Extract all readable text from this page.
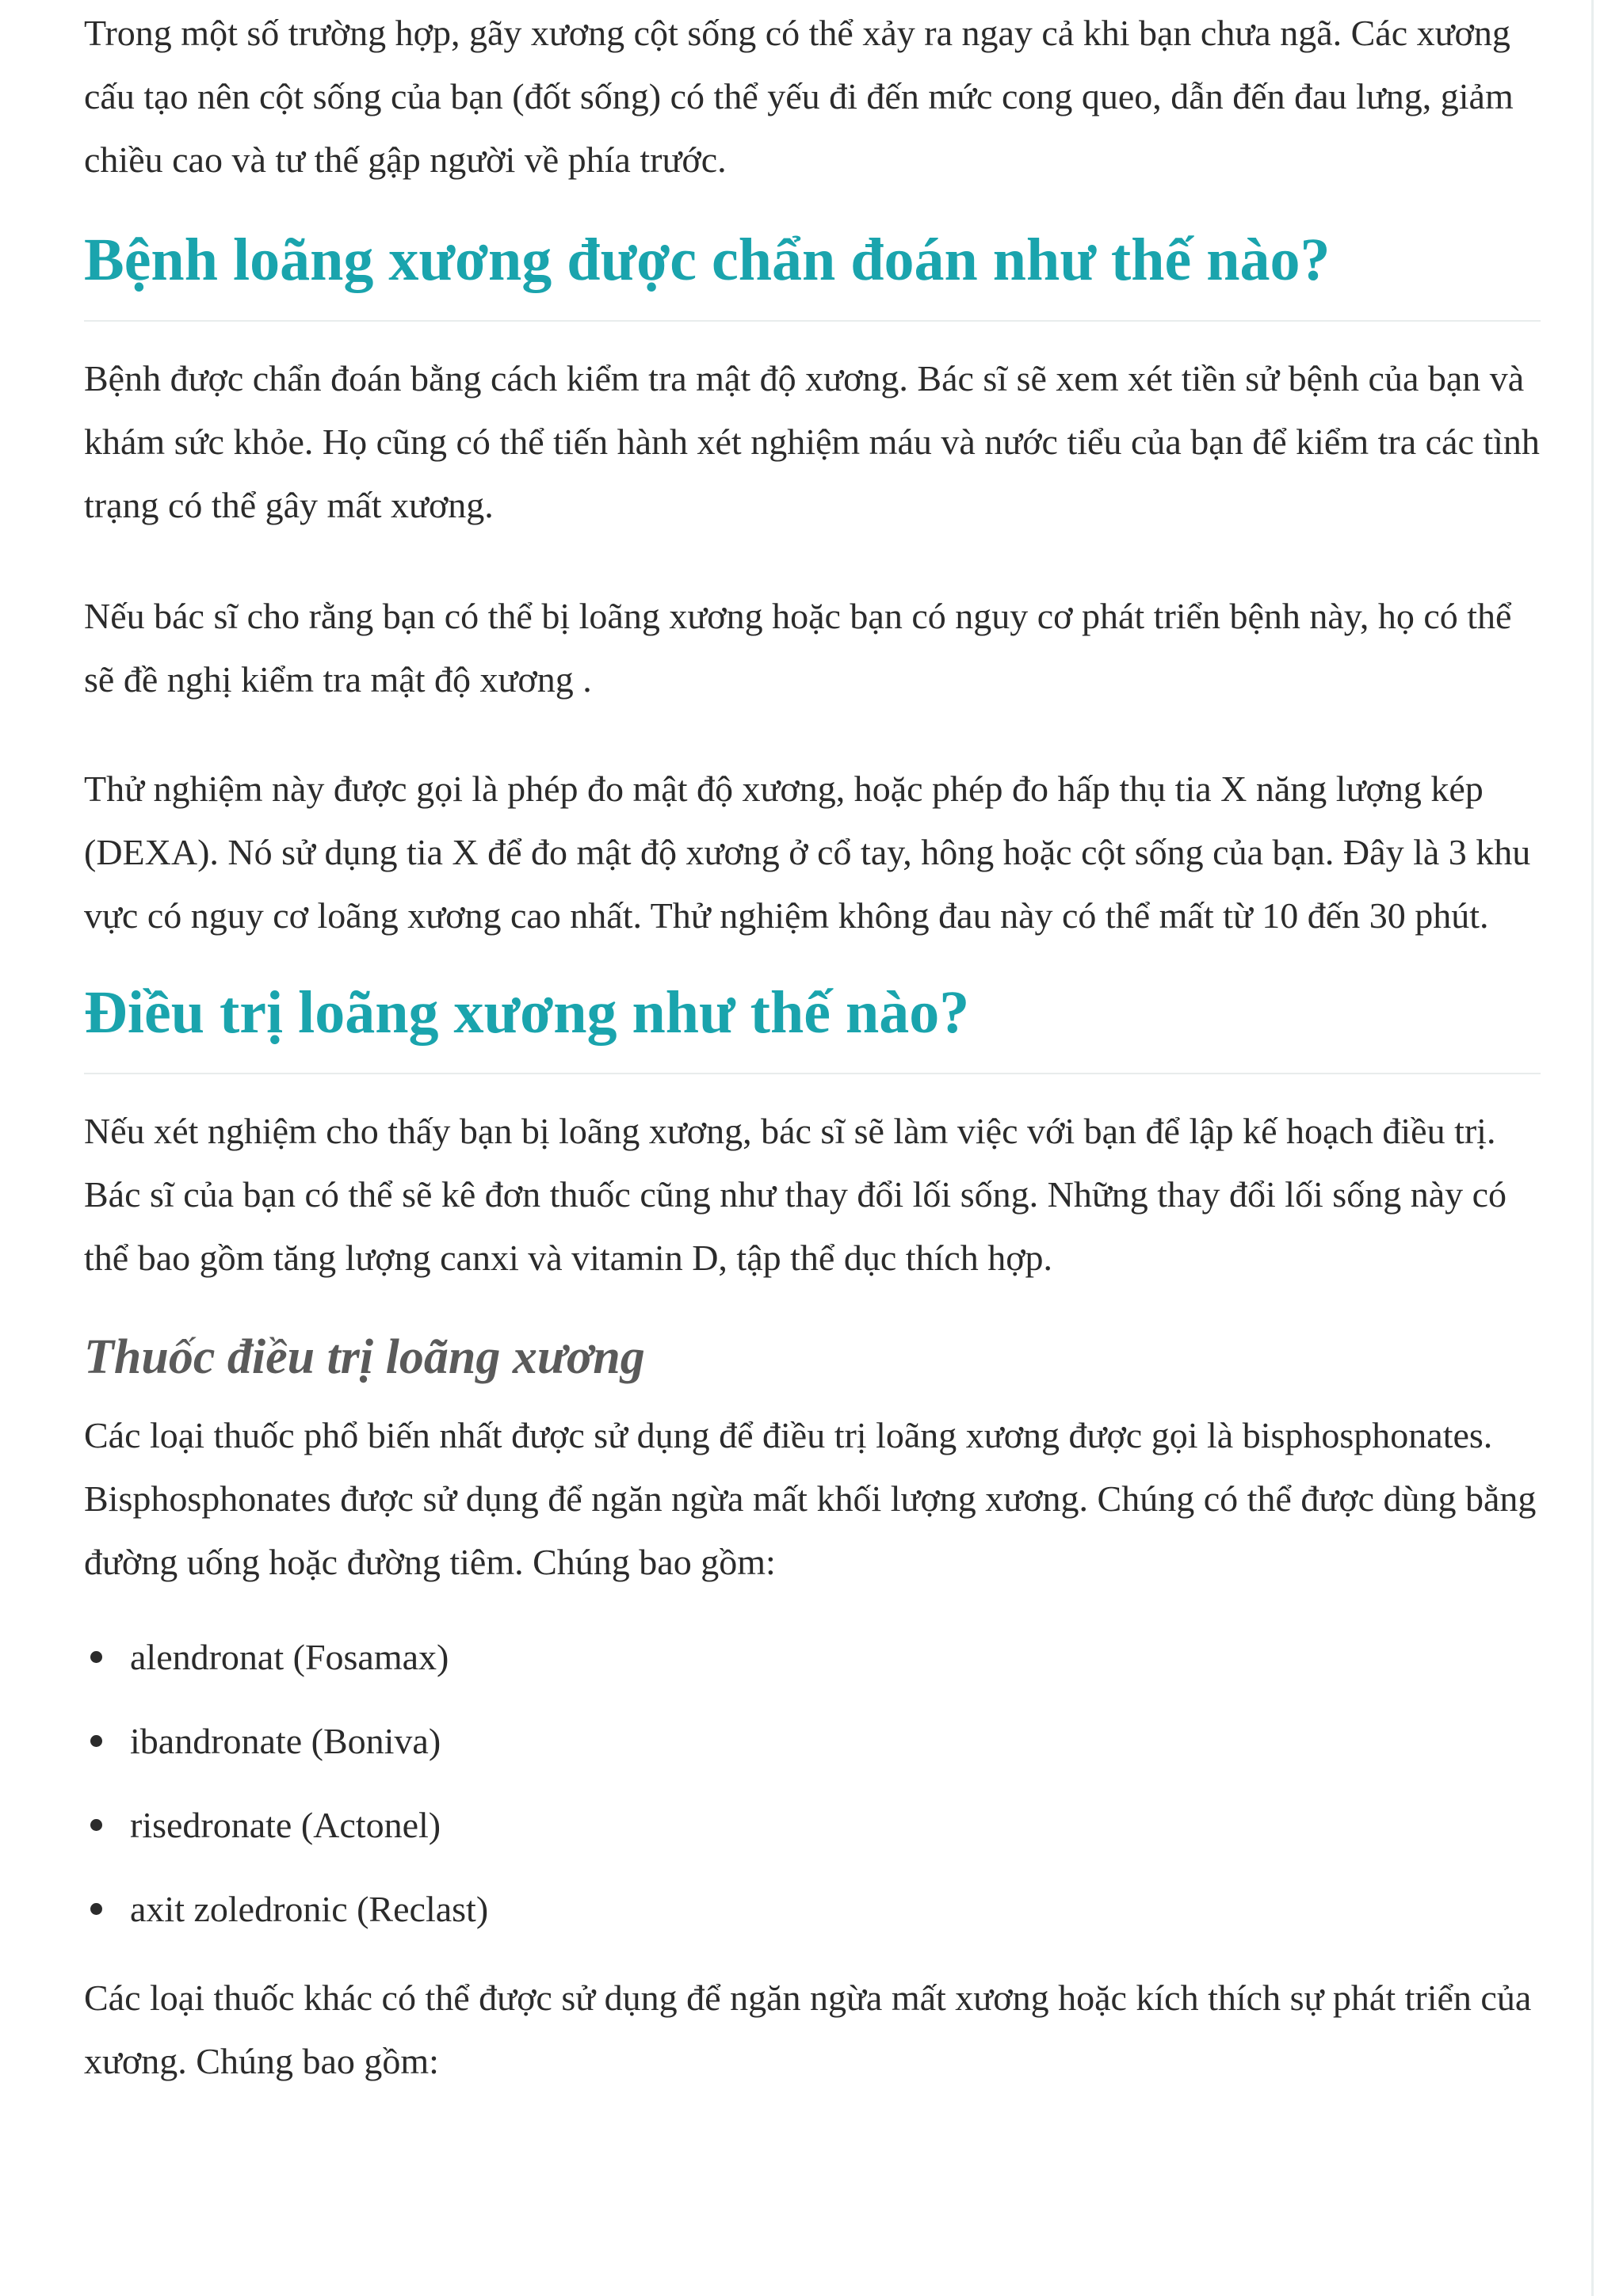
Trong một số trường hợp, gãy xương cột sống có thể xảy ra ngay cả khi bạn chưa ngã. Các xương cấu tạo nên cột sống của bạn (đốt sống) có thể yếu đi đến mức cong queo, dẫn đến đau lưng, giảm chiều cao và tư thế gập người về phía trước.

Bệnh loãng xương được chẩn đoán như thế nào?

Bệnh được chẩn đoán bằng cách kiểm tra mật độ xương. Bác sĩ sẽ xem xét tiền sử bệnh của bạn và khám sức khỏe. Họ cũng có thể tiến hành xét nghiệm máu và nước tiểu của bạn để kiểm tra các tình trạng có thể gây mất xương.

Nếu bác sĩ cho rằng bạn có thể bị loãng xương hoặc bạn có nguy cơ phát triển bệnh này, họ có thể sẽ đề nghị kiểm tra mật độ xương .

Thử nghiệm này được gọi là phép đo mật độ xương, hoặc phép đo hấp thụ tia X năng lượng kép (DEXA). Nó sử dụng tia X để đo mật độ xương ở cổ tay, hông hoặc cột sống của bạn. Đây là 3 khu vực có nguy cơ loãng xương cao nhất. Thử nghiệm không đau này có thể mất từ 10 đến 30 phút.

Điều trị loãng xương như thế nào?

Nếu xét nghiệm cho thấy bạn bị loãng xương, bác sĩ sẽ làm việc với bạn để lập kế hoạch điều trị. Bác sĩ của bạn có thể sẽ kê đơn thuốc cũng như thay đổi lối sống. Những thay đổi lối sống này có thể bao gồm tăng lượng canxi và vitamin D, tập thể dục thích hợp.

Thuốc điều trị loãng xương

Các loại thuốc phổ biến nhất được sử dụng để điều trị loãng xương được gọi là bisphosphonates. Bisphosphonates được sử dụng để ngăn ngừa mất khối lượng xương. Chúng có thể được dùng bằng đường uống hoặc đường tiêm. Chúng bao gồm:

alendronat (Fosamax)
ibandronate (Boniva)
risedronate (Actonel)
axit zoledronic (Reclast)

Các loại thuốc khác có thể được sử dụng để ngăn ngừa mất xương hoặc kích thích sự phát triển của xương. Chúng bao gồm:
